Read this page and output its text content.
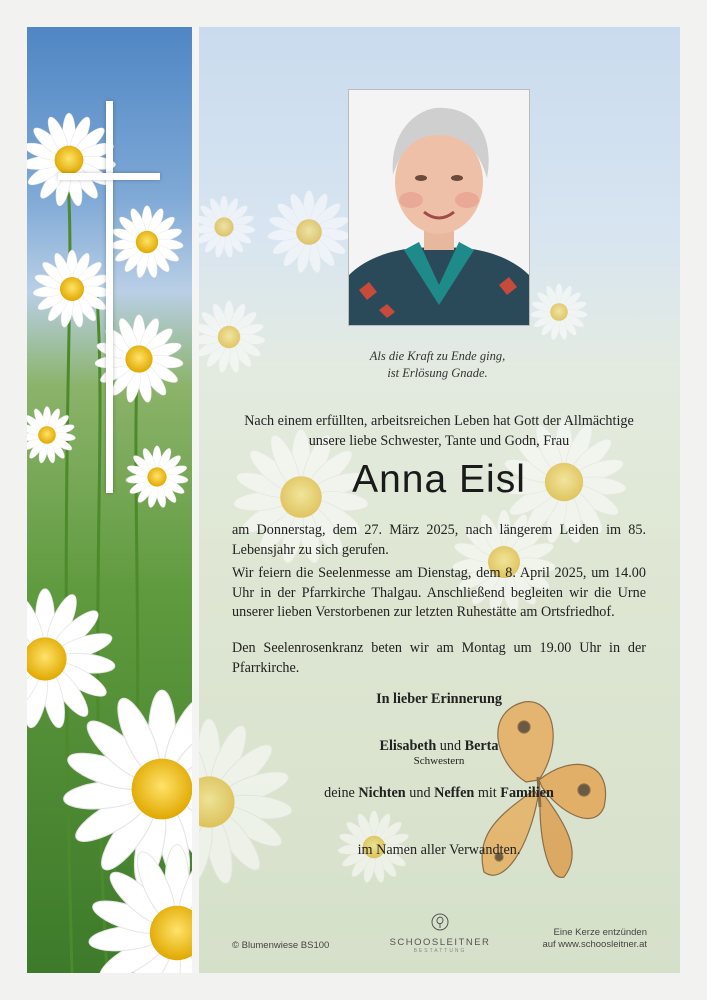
Als die Kraft zu Ende ging,
ist Erlösung Gnade.
Nach einem erfüllten, arbeitsreichen Leben hat Gott der Allmächtige
unsere liebe Schwester, Tante und Godn, Frau
Anna Eisl
am Donnerstag, dem 27. März 2025, nach längerem Leiden im 85. Lebensjahr zu sich gerufen.
Wir feiern die Seelenmesse am Dienstag, dem 8. April 2025, um 14.00 Uhr in der Pfarrkirche Thalgau. Anschließend begleiten wir die Urne unserer lieben Verstorbenen zur letzten Ruhestätte am Ortsfriedhof.
Den Seelenrosenkranz beten wir am Montag um 19.00 Uhr in der Pfarrkirche.
In lieber Erinnerung
Elisabeth und Berta
Schwestern
deine Nichten und Neffen mit Familien
im Namen aller Verwandten.
© Blumenwiese BS100	SCHOOSLEITNER
BESTATTUNG
Eine Kerze entzünden
auf www.schoosleitner.at
